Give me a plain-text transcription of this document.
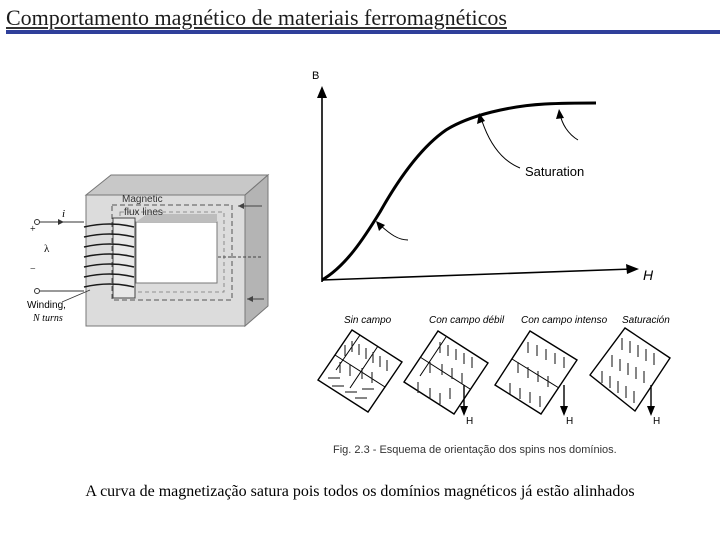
Comportamento magnético de materiais ferromagnéticos
i
+
λ
−
Magnetic
flux lines
Winding,
N turns
B
H
Saturation
Sin campo	Con campo débil Con campo intenso Saturación
H	H	H
Fig. 2.3 - Esquema de orientação dos spins nos domínios.
A curva de magnetização satura pois todos os domínios magnéticos já estão alinhados
